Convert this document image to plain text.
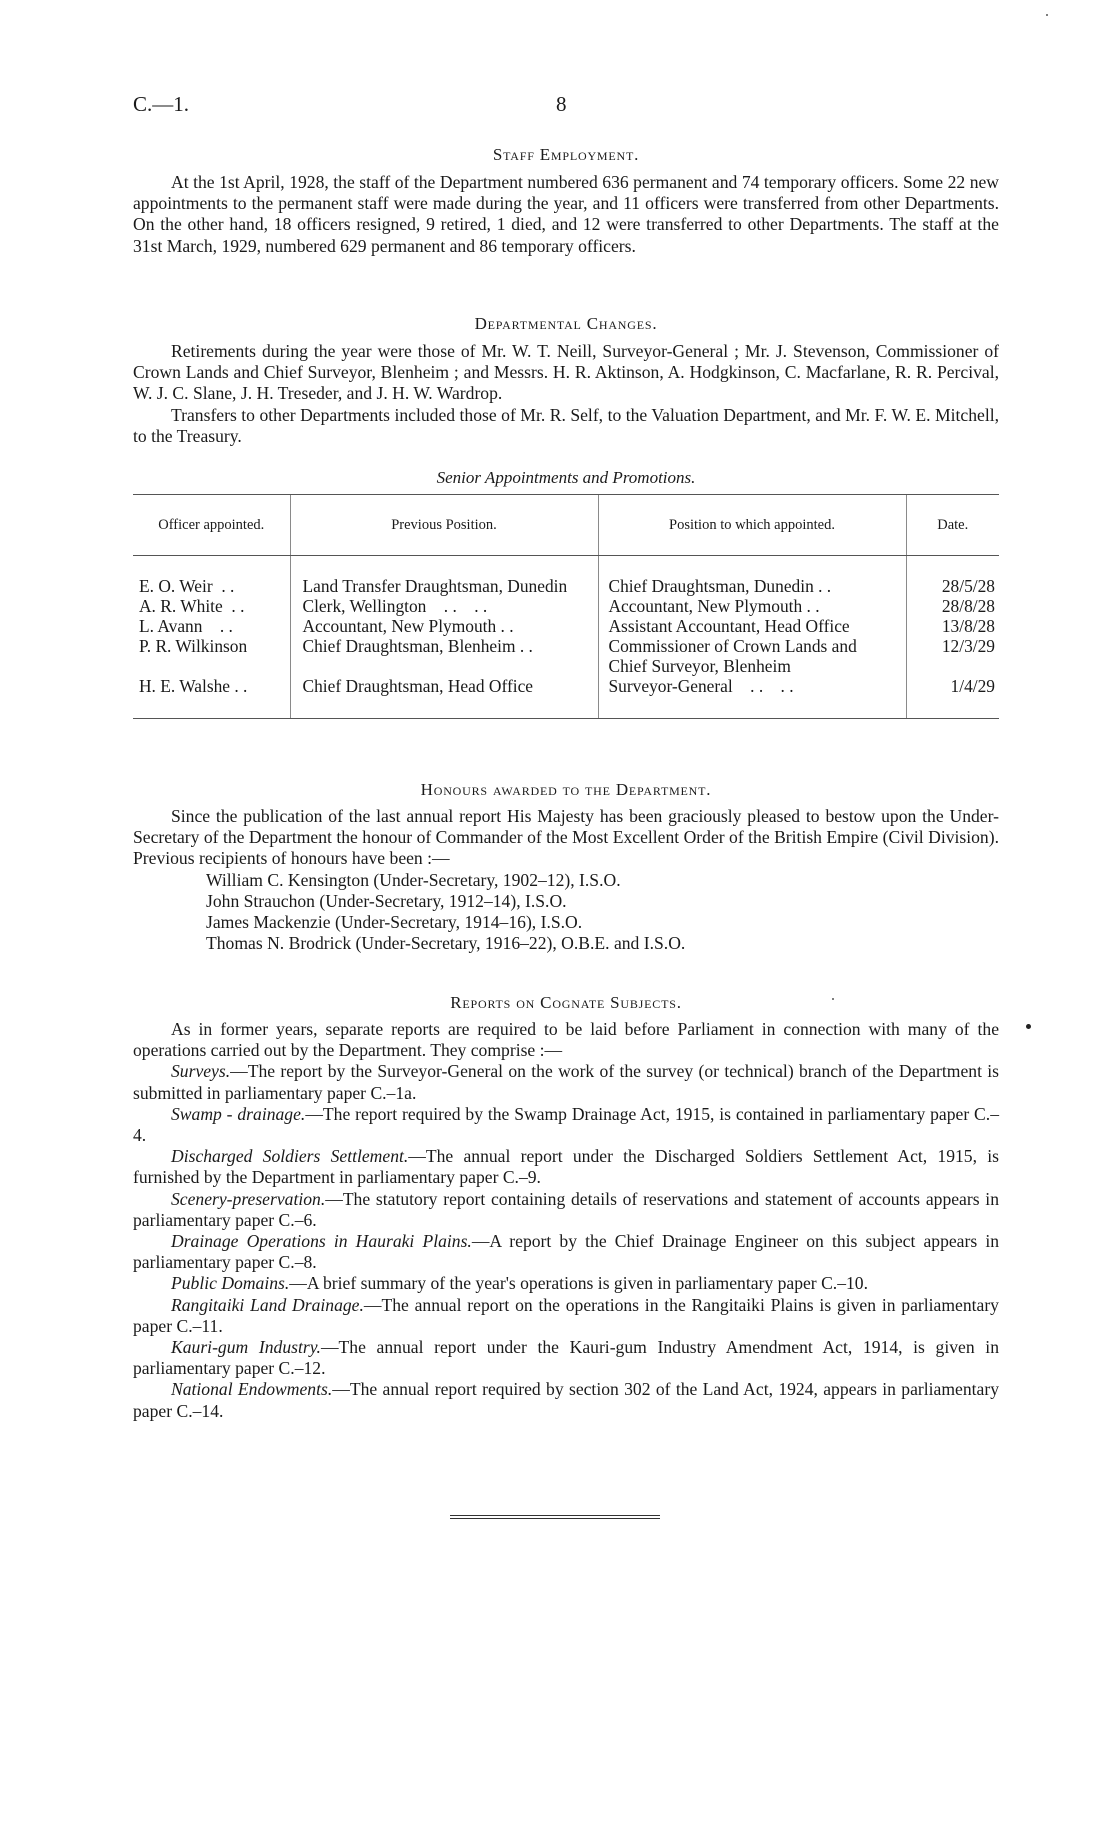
C.—1.	8
Staff Employment.

At the 1st April, 1928, the staff of the Department numbered 636 permanent and 74 temporary officers. Some 22 new appointments to the permanent staff were made during the year, and 11 officers were transferred from other Departments. On the other hand, 18 officers resigned, 9 retired, 1 died, and 12 were transferred to other Departments. The staff at the 31st March, 1929, numbered 629 permanent and 86 temporary officers.

Departmental Changes.

Retirements during the year were those of Mr. W. T. Neill, Surveyor-General ; Mr. J. Stevenson, Commissioner of Crown Lands and Chief Surveyor, Blenheim ; and Messrs. H. R. Aktinson, A. Hodgkinson, C. Macfarlane, R. R. Percival, W. J. C. Slane, J. H. Treseder, and J. H. W. Wardrop.

Transfers to other Departments included those of Mr. R. Self, to the Valuation Department, and Mr. F. W. E. Mitchell, to the Treasury.

Senior Appointments and Promotions.
Officer appointed.	Previous Position.	Position to which appointed.	Date.
E. O. Weir  . .	Land Transfer Draughtsman, Dunedin	Chief Draughtsman, Dunedin . .	28/5/28
A. R. White  . .	Clerk, Wellington    . .    . .	Accountant, New Plymouth . .	28/8/28
L. Avann    . .	Accountant, New Plymouth . .	Assistant Accountant, Head Office	13/8/28
P. R. Wilkinson	Chief Draughtsman, Blenheim . .	Commissioner of Crown Lands and Chief Surveyor, Blenheim	12/3/29
H. E. Walshe . .	Chief Draughtsman, Head Office	Surveyor-General    . .    . .	1/4/29
Honours awarded to the Department.

Since the publication of the last annual report His Majesty has been graciously pleased to bestow upon the Under-Secretary of the Department the honour of Commander of the Most Excellent Order of the British Empire (Civil Division). Previous recipients of honours have been :—

William C. Kensington (Under-Secretary, 1902–12), I.S.O.
John Strauchon (Under-Secretary, 1912–14), I.S.O.
James Mackenzie (Under-Secretary, 1914–16), I.S.O.
Thomas N. Brodrick (Under-Secretary, 1916–22), O.B.E. and I.S.O.
Reports on Cognate Subjects.

As in former years, separate reports are required to be laid before Parliament in connection with many of the operations carried out by the Department. They comprise :—

Surveys.—The report by the Surveyor-General on the work of the survey (or technical) branch of the Department is submitted in parliamentary paper C.–1a.

Swamp - drainage.—The report required by the Swamp Drainage Act, 1915, is contained in parliamentary paper C.–4.

Discharged Soldiers Settlement.—The annual report under the Discharged Soldiers Settlement Act, 1915, is furnished by the Department in parliamentary paper C.–9.

Scenery-preservation.—The statutory report containing details of reservations and statement of accounts appears in parliamentary paper C.–6.

Drainage Operations in Hauraki Plains.—A report by the Chief Drainage Engineer on this subject appears in parliamentary paper C.–8.

Public Domains.—A brief summary of the year's operations is given in parliamentary paper C.–10.

Rangitaiki Land Drainage.—The annual report on the operations in the Rangitaiki Plains is given in parliamentary paper C.–11.

Kauri-gum Industry.—The annual report under the Kauri-gum Industry Amendment Act, 1914, is given in parliamentary paper C.–12.

National Endowments.—The annual report required by section 302 of the Land Act, 1924, appears in parliamentary paper C.–14.
